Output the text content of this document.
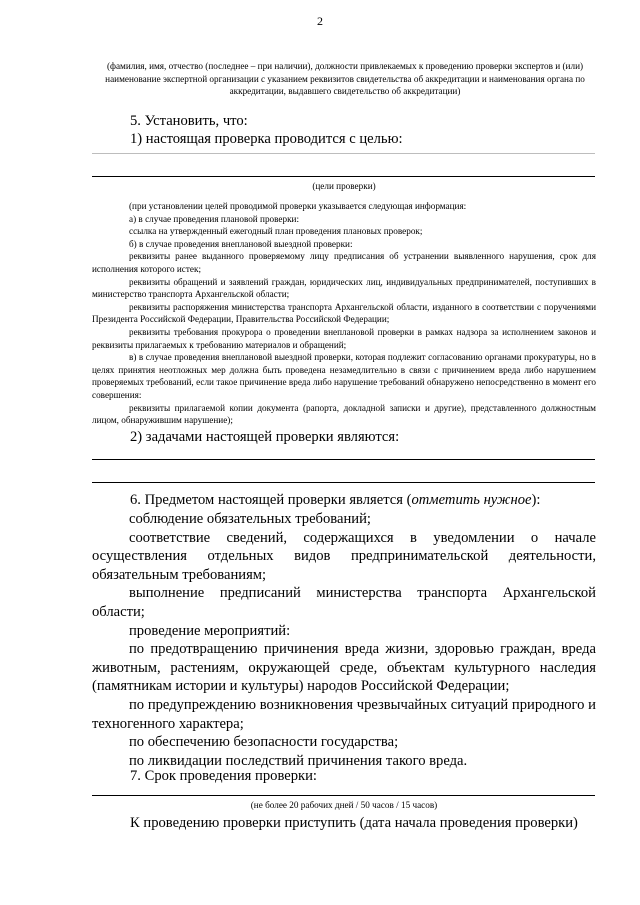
2

(фамилия, имя, отчество (последнее – при наличии), должности привлекаемых к проведению проверки экспертов и (или) наименование экспертной организации с указанием реквизитов свидетельства об аккредитации и наименования органа по аккредитации, выдавшего свидетельство об аккредитации)

5. Установить, что:

1) настоящая проверка проводится с целью:

(цели проверки)

(при установлении целей проводимой проверки указывается следующая информация:

а) в случае проведения плановой проверки:

ссылка на утвержденный ежегодный план проведения плановых проверок;

б) в случае проведения внеплановой выездной проверки:

реквизиты ранее выданного проверяемому лицу предписания об устранении выявленного нарушения, срок для исполнения которого истек;

реквизиты обращений и заявлений граждан, юридических лиц, индивидуальных предпринимателей, поступивших в министерство транспорта Архангельской области;

реквизиты распоряжения министерства транспорта Архангельской области, изданного в соответствии с поручениями Президента Российской Федерации, Правительства Российской Федерации;

реквизиты требования прокурора о проведении внеплановой проверки в рамках надзора за исполнением законов и реквизиты прилагаемых к требованию материалов и обращений;

в) в случае проведения внеплановой выездной проверки, которая подлежит согласованию органами прокуратуры, но в целях принятия неотложных мер должна быть проведена незамедлительно в связи с причинением вреда либо нарушением проверяемых требований, если такое причинение вреда либо нарушение требований обнаружено непосредственно в момент его совершения:

реквизиты прилагаемой копии документа (рапорта, докладной записки и другие), представленного должностным лицом, обнаружившим нарушение);

2) задачами настоящей проверки являются:

6. Предметом настоящей проверки является (отметить нужное):

соблюдение обязательных требований;

соответствие сведений, содержащихся в уведомлении о начале осуществления отдельных видов предпринимательской деятельности, обязательным требованиям;

выполнение предписаний министерства транспорта Архангельской области;

проведение мероприятий:

по предотвращению причинения вреда жизни, здоровью граждан, вреда животным, растениям, окружающей среде, объектам культурного наследия (памятникам истории и культуры) народов Российской Федерации;

по предупреждению возникновения чрезвычайных ситуаций природного и техногенного характера;

по обеспечению безопасности государства;

по ликвидации последствий причинения такого вреда.

7. Срок проведения проверки:

(не более 20 рабочих дней / 50 часов / 15 часов)

К проведению проверки приступить (дата начала проведения проверки)
